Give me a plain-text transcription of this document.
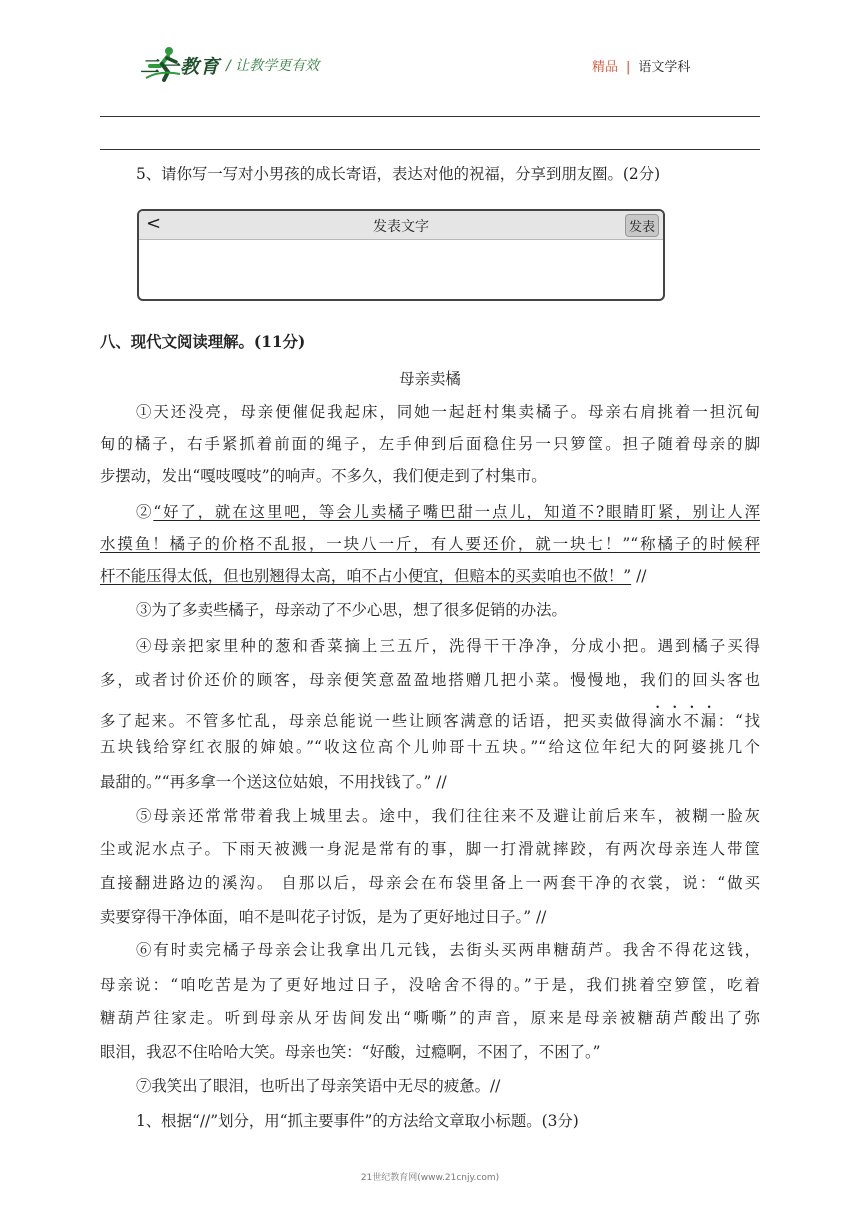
二一教育 / 让教学更有效	精品 | 语文学科
5、请你写一写对小男孩的成长寄语，表达对他的祝福，分享到朋友圈。(2分)
<	发表文字	发表
八、现代文阅读理解。(11分)
母亲卖橘
①天还没亮，母亲便催促我起床，同她一起赶村集卖橘子。母亲右肩挑着一担沉甸
甸的橘子，右手紧抓着前面的绳子，左手伸到后面稳住另一只箩筐。担子随着母亲的脚
步摆动，发出“嘎吱嘎吱”的响声。不多久，我们便走到了村集市。
②“好了，就在这里吧，等会儿卖橘子嘴巴甜一点儿，知道不?眼睛盯紧，别让人浑
水摸鱼！橘子的价格不乱报，一块八一斤，有人要还价，就一块七！”“称橘子的时候秤
杆不能压得太低，但也别翘得太高，咱不占小便宜，但赔本的买卖咱也不做！” //
③为了多卖些橘子，母亲动了不少心思，想了很多促销的办法。
④母亲把家里种的葱和香菜摘上三五斤，洗得干干净净，分成小把。遇到橘子买得
多，或者讨价还价的顾客，母亲便笑意盈盈地搭赠几把小菜。慢慢地，我们的回头客也
多了起来。不管多忙乱，母亲总能说一些让顾客满意的话语，把买卖做得滴水不漏：“找
五块钱给穿红衣服的婶娘。”“收这位高个儿帅哥十五块。”“给这位年纪大的阿婆挑几个
最甜的。”“再多拿一个送这位姑娘，不用找钱了。” //
⑤母亲还常常带着我上城里去。途中，我们往往来不及避让前后来车，被糊一脸灰
尘或泥水点子。下雨天被溅一身泥是常有的事，脚一打滑就摔跤，有两次母亲连人带筐
直接翻进路边的溪沟。 自那以后，母亲会在布袋里备上一两套干净的衣裳，说：“做买
卖要穿得干净体面，咱不是叫花子讨饭，是为了更好地过日子。” //
⑥有时卖完橘子母亲会让我拿出几元钱，去街头买两串糖葫芦。我舍不得花这钱，
母亲说：“咱吃苦是为了更好地过日子，没啥舍不得的。”于是，我们挑着空箩筐，吃着
糖葫芦往家走。听到母亲从牙齿间发出“嘶嘶”的声音，原来是母亲被糖葫芦酸出了弥
眼泪，我忍不住哈哈大笑。母亲也笑：“好酸，过瘾啊，不困了，不困了。”
⑦我笑出了眼泪，也听出了母亲笑语中无尽的疲惫。//
1、根据“//”划分，用“抓主要事件”的方法给文章取小标题。(3分)
21世纪教育网(www.21cnjy.com)
